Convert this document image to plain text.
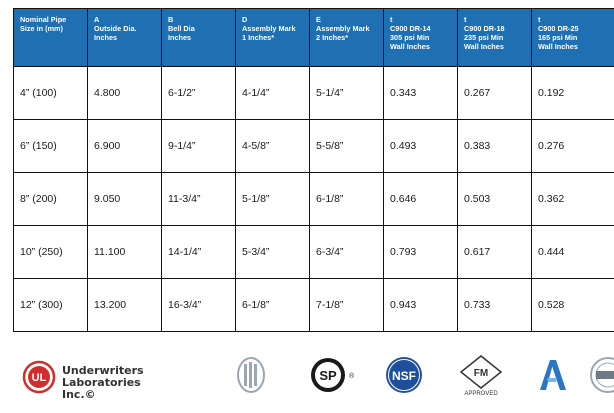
Nominal Pipe
Size in (mm)	A
Outside Dia.
Inches	B
Bell Dia
Inches	D
Assembly Mark
1 Inches*	E
Assembly Mark
2 Inches*	t
C900 DR-14
305 psi Min
Wall Inches	t
C900 DR-18
235 psi Min
Wall Inches	t
C900 DR-25
165 psi Min
Wall Inches

4” (100)	4.800	6-1/2”	4-1/4”	5-1/4”	0.343	0.267	0.192
6” (150)	6.900	9-1/4”	4-5/8”	5-5/8”	0.493	0.383	0.276
8” (200)	9.050	11-3/4”	5-1/8”	6-1/8”	0.646	0.503	0.362
10” (250)	11.100	14-1/4”	5-3/4”	6-3/4”	0.793	0.617	0.444
12” (300)	13.200	16-3/4”	6-1/8”	7-1/8”	0.943	0.733	0.528
UL
Underwriters
Laboratories Inc.©
SP ®	NSF	FM
APPROVED
